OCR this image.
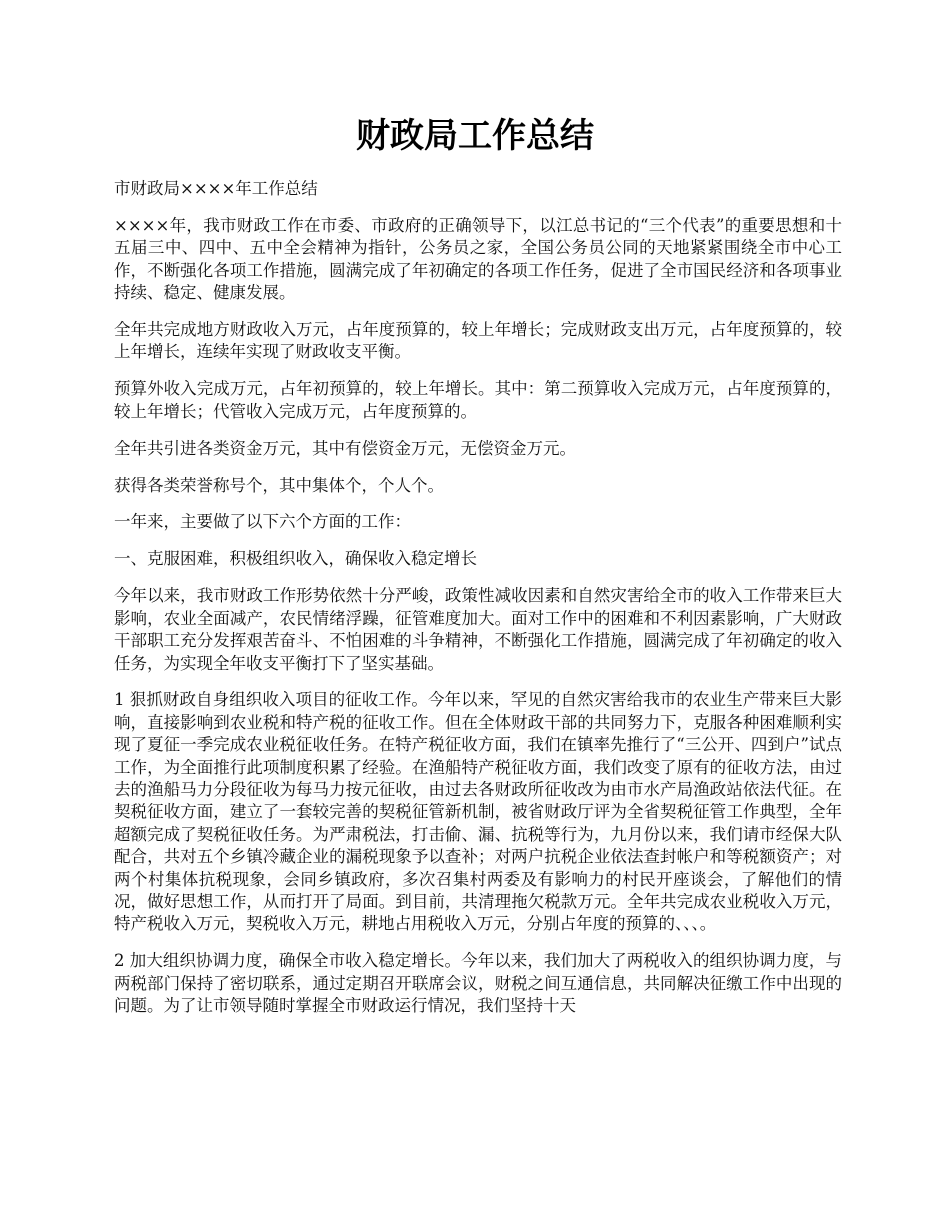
财政局工作总结

市财政局××××年工作总结

××××年，我市财政工作在市委、市政府的正确领导下，以江总书记的“三个代表”的重要思想和十五届三中、四中、五中全会精神为指针，公务员之家，全国公务员公同的天地紧紧围绕全市中心工作，不断强化各项工作措施，圆满完成了年初确定的各项工作任务，促进了全市国民经济和各项事业持续、稳定、健康发展。

全年共完成地方财政收入万元，占年度预算的，较上年增长；完成财政支出万元，占年度预算的，较上年增长，连续年实现了财政收支平衡。

预算外收入完成万元，占年初预算的，较上年增长。其中：第二预算收入完成万元，占年度预算的，较上年增长；代管收入完成万元，占年度预算的。

全年共引进各类资金万元，其中有偿资金万元，无偿资金万元。

获得各类荣誉称号个，其中集体个，个人个。

一年来，主要做了以下六个方面的工作：

一、克服困难，积极组织收入，确保收入稳定增长

今年以来，我市财政工作形势依然十分严峻，政策性减收因素和自然灾害给全市的收入工作带来巨大影响，农业全面减产，农民情绪浮躁，征管难度加大。面对工作中的困难和不利因素影响，广大财政干部职工充分发挥艰苦奋斗、不怕困难的斗争精神，不断强化工作措施，圆满完成了年初确定的收入任务，为实现全年收支平衡打下了坚实基础。

1 狠抓财政自身组织收入项目的征收工作。今年以来，罕见的自然灾害给我市的农业生产带来巨大影响，直接影响到农业税和特产税的征收工作。但在全体财政干部的共同努力下，克服各种困难顺利实现了夏征一季完成农业税征收任务。在特产税征收方面，我们在镇率先推行了“三公开、四到户”试点工作，为全面推行此项制度积累了经验。在渔船特产税征收方面，我们改变了原有的征收方法，由过去的渔船马力分段征收为每马力按元征收，由过去各财政所征收改为由市水产局渔政站依法代征。在契税征收方面，建立了一套较完善的契税征管新机制，被省财政厅评为全省契税征管工作典型，全年超额完成了契税征收任务。为严肃税法，打击偷、漏、抗税等行为，九月份以来，我们请市经保大队配合，共对五个乡镇冷藏企业的漏税现象予以查补；对两户抗税企业依法查封帐户和等税额资产；对两个村集体抗税现象，会同乡镇政府，多次召集村两委及有影响力的村民开座谈会，了解他们的情况，做好思想工作，从而打开了局面。到目前，共清理拖欠税款万元。全年共完成农业税收入万元，特产税收入万元，契税收入万元，耕地占用税收入万元，分别占年度的预算的、、、。

2 加大组织协调力度，确保全市收入稳定增长。今年以来，我们加大了两税收入的组织协调力度，与两税部门保持了密切联系，通过定期召开联席会议，财税之间互通信息，共同解决征缴工作中出现的问题。为了让市领导随时掌握全市财政运行情况，我们坚持十天
